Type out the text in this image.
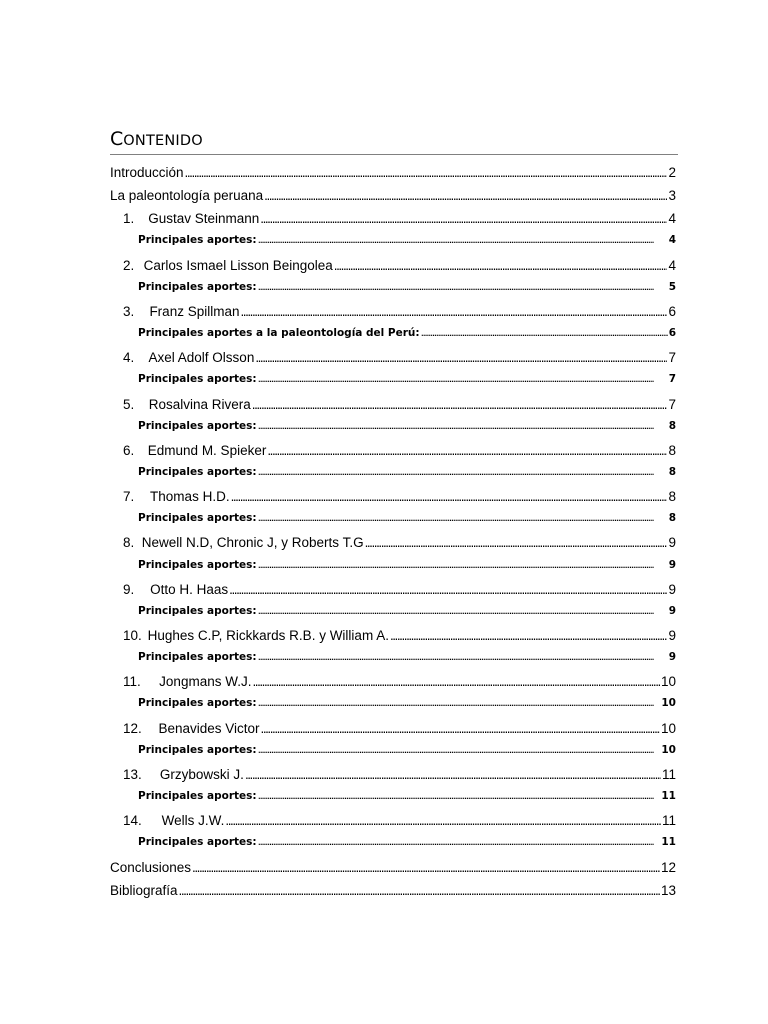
CONTENIDO
Introducción . . .	2
La paleontología peruana . . .	3
1.	Gustav Steinmann . . .	4
Principales aportes: . . .	4
2. Carlos Ismael Lisson Beingolea . . .	4
Principales aportes: . . .	5
3.	Franz Spillman . . .	6
Principales aportes a la paleontología del Perú: . . .	6
4.	Axel Adolf Olsson . . .	7
Principales aportes: . . .	7
5.	Rosalvina Rivera . . .	7
Principales aportes: . . .	8
6.	Edmund M. Spieker . . .	8
Principales aportes: . . .	8
7.	Thomas H.D. . . .	8
Principales aportes: . . .	8
8. Newell N.D, Chronic J, y Roberts T.G . . .	9
Principales aportes: . . .	9
9.	Otto H. Haas . . .	9
Principales aportes: . . .	9
10. Hughes C.P, Rickkards R.B. y William A. . . .	9
Principales aportes: . . .	9
11.	Jongmans W.J. . . .	10
Principales aportes: . . .	10
12.	Benavides Victor . . .	10
Principales aportes: . . .	10
13.	Grzybowski J. . . .	11
Principales aportes: . . .	11
14.	Wells J.W. . . .	11
Principales aportes: . . .	11
Conclusiones . . .	12
Bibliografía . . .	13
